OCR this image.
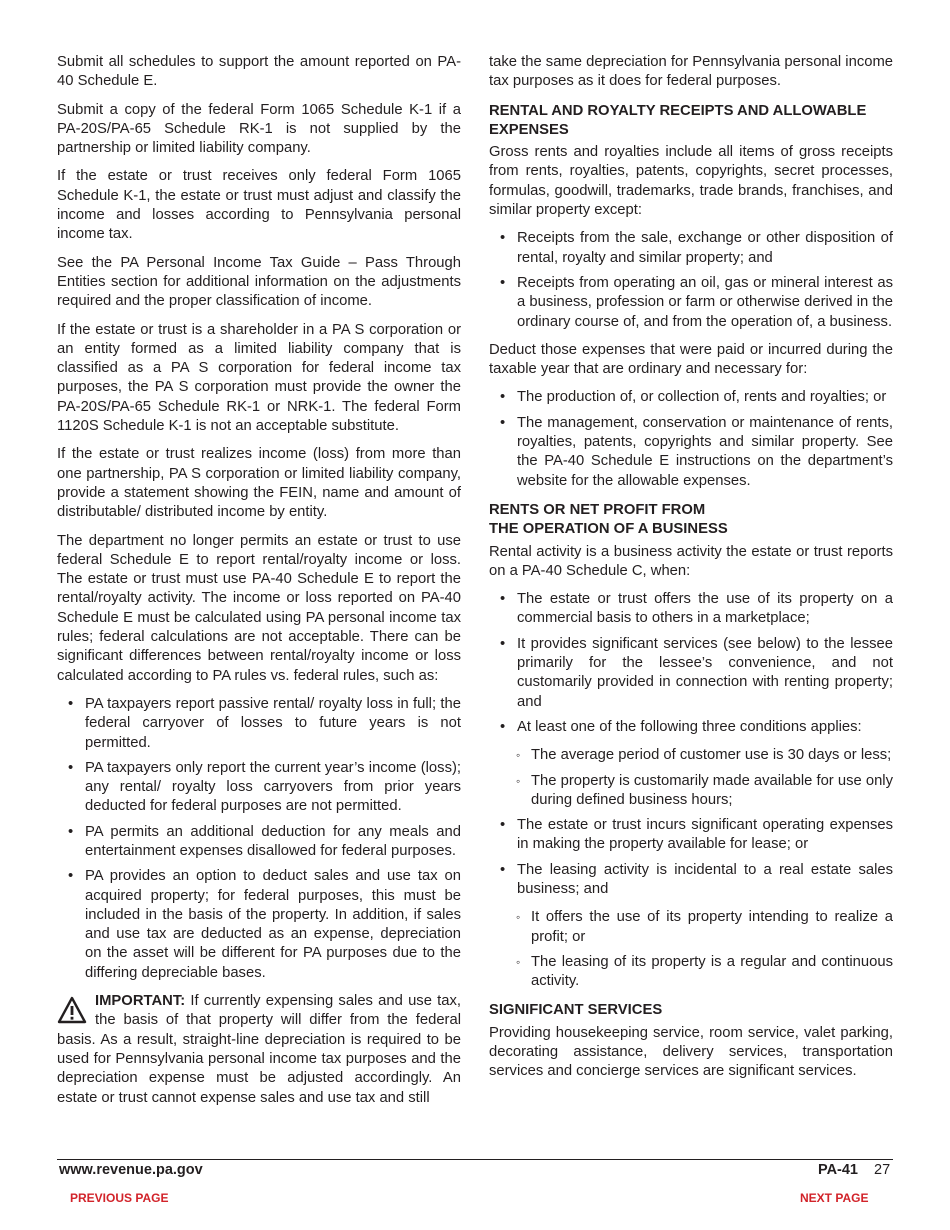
Submit all schedules to support the amount reported on PA-40 Schedule E.

Submit a copy of the federal Form 1065 Schedule K-1 if a PA-20S/PA-65 Schedule RK-1 is not supplied by the partnership or limited liability company.

If the estate or trust receives only federal Form 1065 Schedule K-1, the estate or trust must adjust and classify the income and losses according to Pennsylvania personal income tax.

See the PA Personal Income Tax Guide – Pass Through Entities section for additional information on the adjustments required and the proper classification of income.

If the estate or trust is a shareholder in a PA S corporation or an entity formed as a limited liability company that is classified as a PA S corporation for federal income tax purposes, the PA S corporation must provide the owner the PA-20S/PA-65 Schedule RK-1 or NRK-1. The federal Form 1120S Schedule K-1 is not an acceptable substitute.

If the estate or trust realizes income (loss) from more than one partnership, PA S corporation or limited liability company, provide a statement showing the FEIN, name and amount of distributable/ distributed income by entity.

The department no longer permits an estate or trust to use federal Schedule E to report rental/royalty income or loss. The estate or trust must use PA-40 Schedule E to report the rental/royalty activity. The income or loss reported on PA-40 Schedule E must be calculated using PA personal income tax rules; federal calculations are not acceptable. There can be significant differences between rental/royalty income or loss calculated according to PA rules vs. federal rules, such as:

• PA taxpayers report passive rental/ royalty loss in full; the federal carryover of losses to future years is not permitted.
• PA taxpayers only report the current year’s income (loss); any rental/ royalty loss carryovers from prior years deducted for federal purposes are not permitted.
• PA permits an additional deduction for any meals and entertainment expenses disallowed for federal purposes.
• PA provides an option to deduct sales and use tax on acquired property; for federal purposes, this must be included in the basis of the property. In addition, if sales and use tax are deducted as an expense, depreciation on the asset will be different for PA purposes due to the differing depreciable bases.
IMPORTANT: If currently expensing sales and use tax, the basis of that property will differ from the federal basis. As a result, straight-line depreciation is required to be used for Pennsylvania personal income tax purposes and the depreciation expense must be adjusted accordingly. An estate or trust cannot expense sales and use tax and still

take the same depreciation for Pennsylvania personal income tax purposes as it does for federal purposes.

RENTAL AND ROYALTY RECEIPTS AND ALLOWABLE EXPENSES

Gross rents and royalties include all items of gross receipts from rents, royalties, patents, copyrights, secret processes, formulas, goodwill, trademarks, trade brands, franchises, and similar property except:

• Receipts from the sale, exchange or other disposition of rental, royalty and similar property; and
• Receipts from operating an oil, gas or mineral interest as a business, profession or farm or otherwise derived in the ordinary course of, and from the operation of, a business.

Deduct those expenses that were paid or incurred during the taxable year that are ordinary and necessary for:

• The production of, or collection of, rents and royalties; or
• The management, conservation or maintenance of rents, royalties, patents, copyrights and similar property. See the PA-40 Schedule E instructions on the department’s website for the allowable expenses.
RENTS OR NET PROFIT FROM
THE OPERATION OF A BUSINESS

Rental activity is a business activity the estate or trust reports on a PA-40 Schedule C, when:

• The estate or trust offers the use of its property on a commercial basis to others in a marketplace;
• It provides significant services (see below) to the lessee primarily for the lessee’s convenience, and not customarily provided in connection with renting property; and
• At least one of the following three conditions applies:
◦ The average period of customer use is 30 days or less;
◦ The property is customarily made available for use only during defined business hours;
• The estate or trust incurs significant operating expenses in making the property available for lease; or
• The leasing activity is incidental to a real estate sales business; and
◦ It offers the use of its property intending to realize a profit; or
◦ The leasing of its property is a regular and continuous activity.
SIGNIFICANT SERVICES

Providing housekeeping service, room service, valet parking, decorating assistance, delivery services, transportation services and concierge services are significant services.

www.revenue.pa.gov	PA-41 27
PREVIOUS PAGE	NEXT PAGE
